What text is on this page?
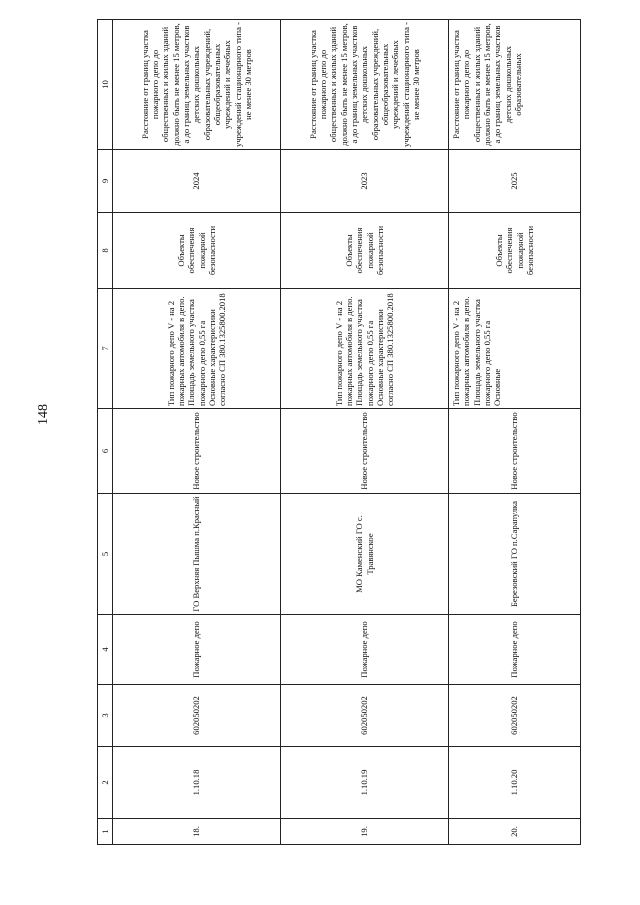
148
1	2	3	4	5	6	7	8	9	10
18.	1.10.18	602050202	Пожарное депо	ГО Верхняя Пышма п.Красный	Новое строительство	Тип пожарного депо V - на 2 пожарных автомобиля в депо. Площадь земельного участка пожарного депо 0,55 га Основные характеристики согласно СП 380.1325800.2018	Объекты обеспечения пожарной безопасности	2024	Расстояние от границ участка пожарного депо до общественных и жилых зданий должно быть не менее 15 метров, а до границ земельных участков детских дошкольных образовательных учреждений, общеобразовательных учреждений и лечебных учреждений стационарного типа - не менее 30 метров
19.	1.10.19	602050202	Пожарное депо	МО Каменский ГО с. Травянское	Новое строительство	Тип пожарного депо V - на 2 пожарных автомобиля в депо. Площадь земельного участка пожарного депо 0,55 га Основные характеристики согласно СП 380.1325800.2018	Объекты обеспечения пожарной безопасности	2023	Расстояние от границ участка пожарного депо до общественных и жилых зданий должно быть не менее 15 метров, а до границ земельных участков детских дошкольных образовательных учреждений, общеобразовательных учреждений и лечебных учреждений стационарного типа - не менее 30 метров
20.	1.10.20	602050202	Пожарное депо	Березовский ГО п.Сарапулка	Новое строительство	Тип пожарного депо V - на 2 пожарных автомобиля в депо. Площадь земельного участка пожарного депо 0,55 га Основные	Объекты обеспечения пожарной безопасности	2025	Расстояние от границ участка пожарного депо до общественных и жилых зданий должно быть не менее 15 метров, а до границ земельных участков детских дошкольных образовательных
